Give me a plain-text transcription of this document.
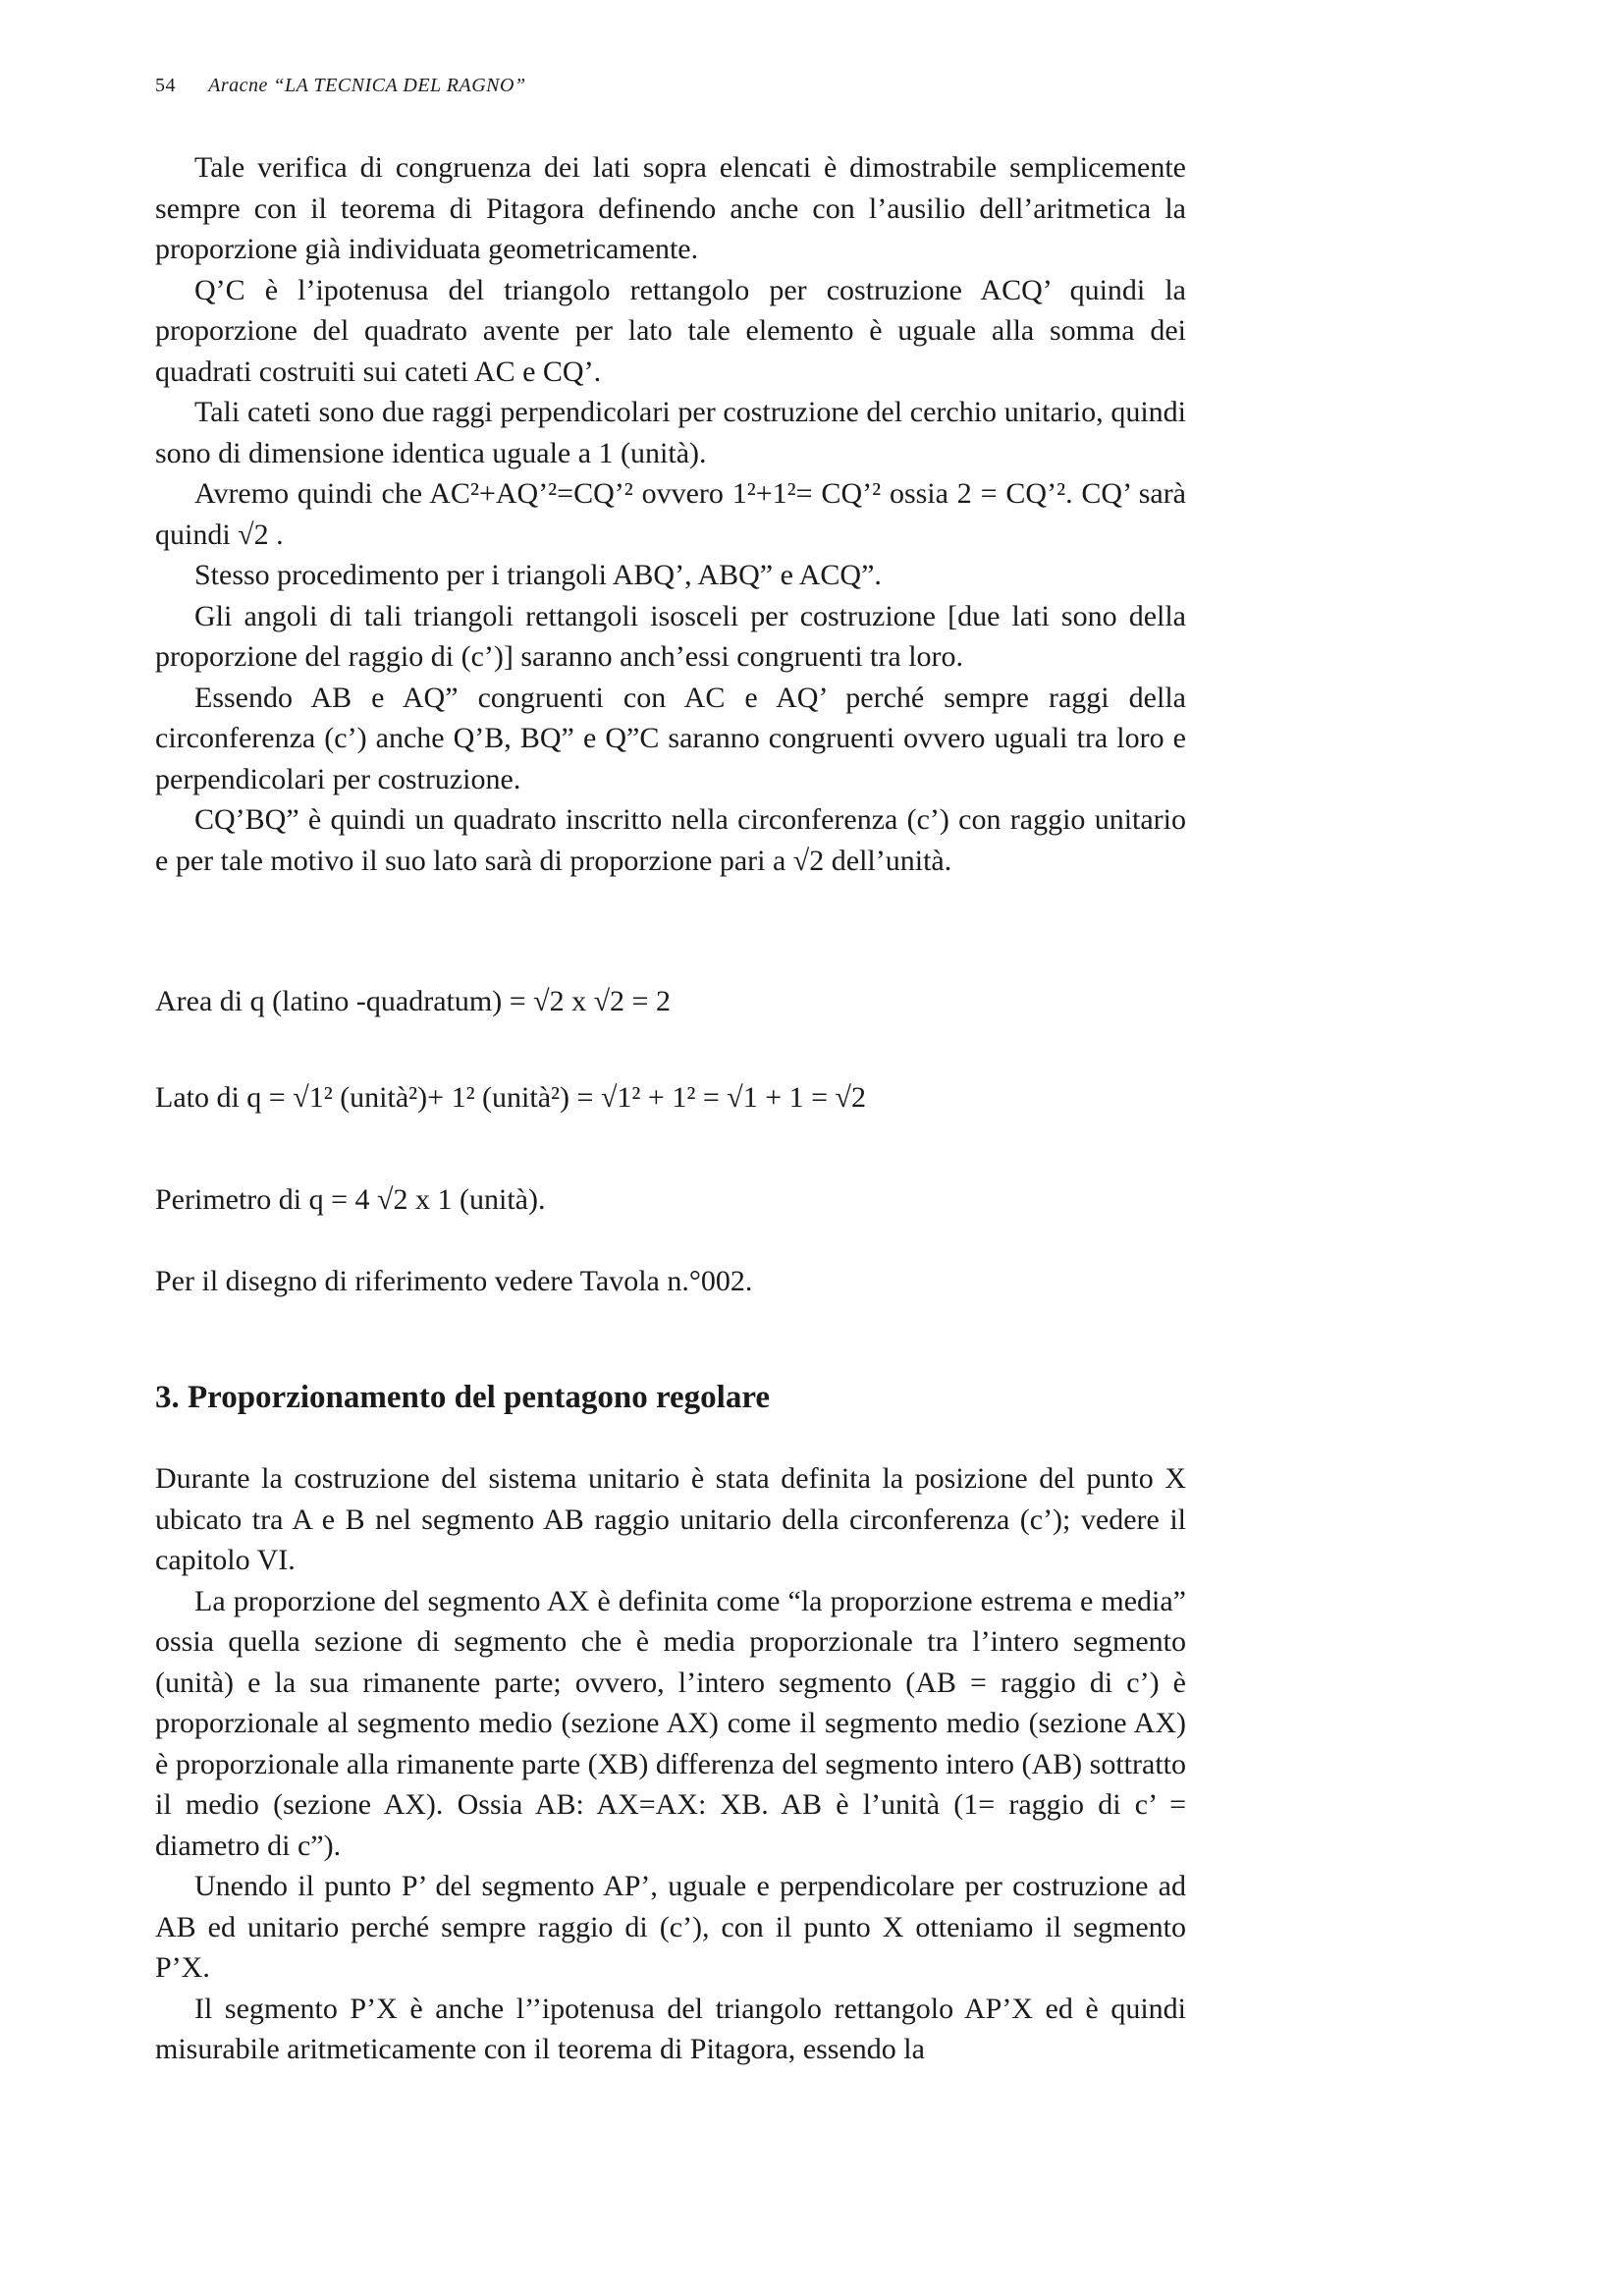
54 Aracne “LA TECNICA DEL RAGNO”

Tale verifica di congruenza dei lati sopra elencati è dimostrabile semplicemente sempre con il teorema di Pitagora definendo anche con l’ausilio dell’aritmetica la proporzione già individuata geometricamente.

Q’C è l’ipotenusa del triangolo rettangolo per costruzione ACQ’ quindi la proporzione del quadrato avente per lato tale elemento è uguale alla somma dei quadrati costruiti sui cateti AC e CQ’.

Tali cateti sono due raggi perpendicolari per costruzione del cerchio unitario, quindi sono di dimensione identica uguale a 1 (unità).

Avremo quindi che AC²+AQ’²=CQ’² ovvero 1²+1²= CQ’² ossia 2 = CQ’². CQ’ sarà quindi √2 .

Stesso procedimento per i triangoli ABQ’, ABQ” e ACQ”.

Gli angoli di tali triangoli rettangoli isosceli per costruzione [due lati sono della proporzione del raggio di (c’)] saranno anch’essi congruenti tra loro.

Essendo AB e AQ” congruenti con AC e AQ’ perché sempre raggi della circonferenza (c’) anche Q’B, BQ” e Q”C saranno congruenti ovvero uguali tra loro e perpendicolari per costruzione.

CQ’BQ” è quindi un quadrato inscritto nella circonferenza (c’) con raggio unitario e per tale motivo il suo lato sarà di proporzione pari a √2 dell’unità.

Area di q (latino -quadratum) = √2 x √2 = 2
Lato di q = √1² (unità²)+ 1² (unità²) = √1² + 1² = √1 + 1 = √2
Perimetro di q = 4 √2 x 1 (unità).
Per il disegno di riferimento vedere Tavola n.°002.
3. Proporzionamento del pentagono regolare

Durante la costruzione del sistema unitario è stata definita la posizione del punto X ubicato tra A e B nel segmento AB raggio unitario della circonferenza (c’); vedere il capitolo VI.

La proporzione del segmento AX è definita come “la proporzione estrema e media” ossia quella sezione di segmento che è media proporzionale tra l’intero segmento (unità) e la sua rimanente parte; ovvero, l’intero segmento (AB = raggio di c’) è proporzionale al segmento medio (sezione AX) come il segmento medio (sezione AX) è proporzionale alla rimanente parte (XB) differenza del segmento intero (AB) sottratto il medio (sezione AX). Ossia AB: AX=AX: XB. AB è l’unità (1= raggio di c’ = diametro di c”).

Unendo il punto P’ del segmento AP’, uguale e perpendicolare per costruzione ad AB ed unitario perché sempre raggio di (c’), con il punto X otteniamo il segmento P’X.

Il segmento P’X è anche l’’ipotenusa del triangolo rettangolo AP’X ed è quindi misurabile aritmeticamente con il teorema di Pitagora, essendo la
